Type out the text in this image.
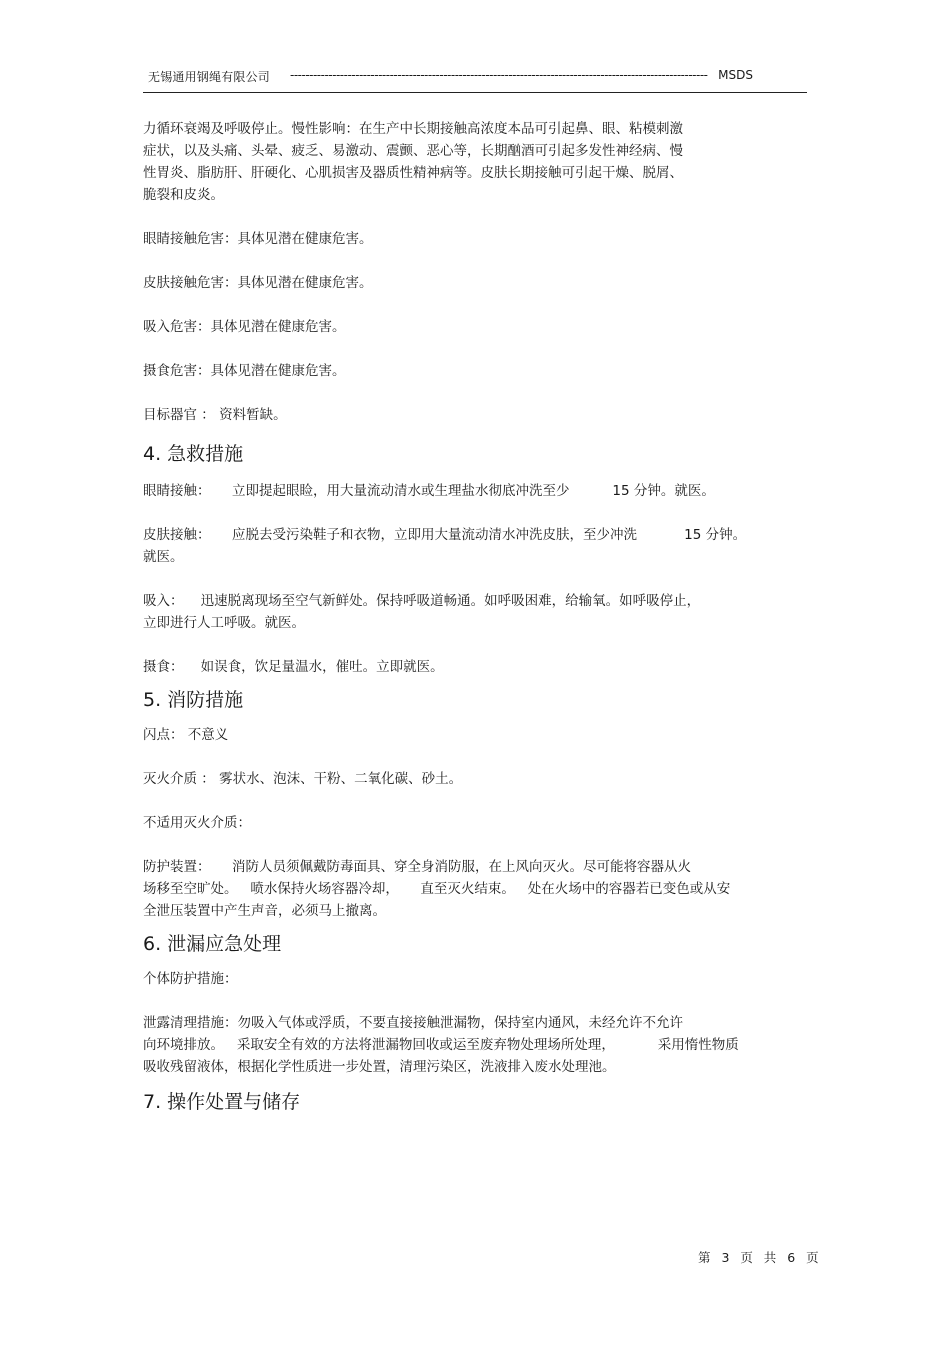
无锡通用钢绳有限公司 ------------------------------------------------------------------------------------------------------------- MSDS

力循环衰竭及呼吸停止。慢性影响：在生产中长期接触高浓度本品可引起鼻、眼、粘模刺激

症状，以及头痛、头晕、疲乏、易激动、震颤、恶心等，长期酗酒可引起多发性神经病、慢

性胃炎、脂肪肝、肝硬化、心肌损害及器质性精神病等。皮肤长期接触可引起干燥、脱屑、

脆裂和皮炎。

眼睛接触危害：具体见潜在健康危害。

皮肤接触危害：具体见潜在健康危害。

吸入危害：具体见潜在健康危害。

摄食危害：具体见潜在健康危害。

目标器官 ： 资料暂缺。

4. 急救措施

眼睛接触：     立即提起眼睑，用大量流动清水或生理盐水彻底冲洗至少          15 分钟。就医。

皮肤接触：     应脱去受污染鞋子和衣物，立即用大量流动清水冲洗皮肤，至少冲洗           15 分钟。

就医。

吸入：    迅速脱离现场至空气新鲜处。保持呼吸道畅通。如呼吸困难，给输氧。如呼吸停止，

立即进行人工呼吸。就医。

摄食：    如误食，饮足量温水，催吐。立即就医。

5. 消防措施

闪点： 不意义

灭火介质 ： 雾状水、泡沫、干粉、二氧化碳、砂土。

不适用灭火介质：

防护装置：     消防人员须佩戴防毒面具、穿全身消防服，在上风向灭火。尽可能将容器从火

场移至空旷处。   喷水保持火场容器冷却，     直至灭火结束。   处在火场中的容器若已变色或从安

全泄压装置中产生声音，必须马上撤离。

6. 泄漏应急处理

个体防护措施：

泄露清理措施：勿吸入气体或浮质，不要直接接触泄漏物，保持室内通风，未经允许不允许

向环境排放。   采取安全有效的方法将泄漏物回收或运至废弃物处理场所处理，          采用惰性物质

吸收残留液体，根据化学性质进一步处置，清理污染区，洗液排入废水处理池。

7. 操作处置与储存

第  3  页  共  6  页
